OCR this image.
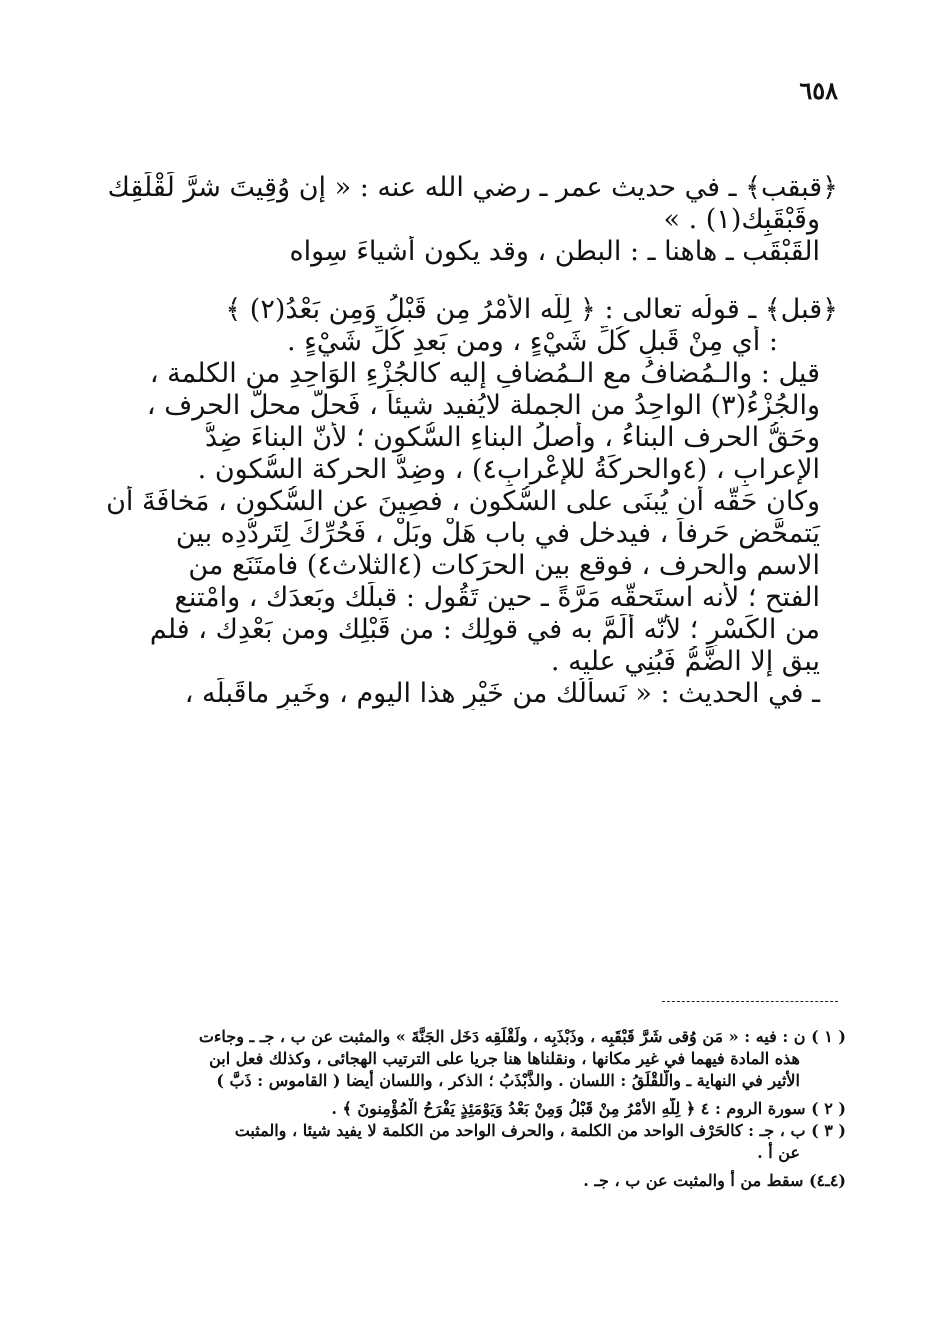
٦٥٨
﴿قبقب﴾ ـ في حديث عمر ـ رضي الله عنه : « إن وُقِيتَ شرَّ لَقْلَقِك
وقَبْقَبِك(١) . »
القَبْقَب ـ هاهنا ـ : البطن ، وقد يكون أشياءَ سِواه
﴿قبل﴾ ـ قولُه تعالى : ﴿ لِلَّه الأمْرُ مِن قَبْلُ وَمِن بَعْدُ(٢) ﴾
: أي مِنْ قَبلِ كُلِّ شَيْءٍ ، ومن بَعدِ كُلِّ شَيْءٍ .
قيل : والـمُضافُ مع الـمُضافِ إليه كالجُزْءِ الوَاحِدِ من الكلمة ،
والجُزْءُ(٣) الواحِدُ من الجملة لايُفيد شيئاً ، فَحلَّ محلَّ الحرف ،
وحَقُّ الحرف البناءُ ، وأصلُ البناءِ السُّكون ؛ لأنّ البناءَ ضِدُّ
الإعرابِ ، (٤والحركَةُ للإعْرابِ٤) ، وضِدُّ الحركة السُّكون .
وكان حَقُّه أن يُبنَى على السُّكون ، فصِينَ عن السُّكون ، مَخافَةَ أن
يَتمحَّض حَرفاً ، فيدخل في باب هَلْ وبَلْ ، فَحُرِّكَ لِتَردُّدِه بين
الاسم والحرف ، فوقع بين الحرَكات (٤الثلاث٤) فامتَنَع من
الفتح ؛ لأنه استَحقَّه مَرَّةً ـ حين تَقُول : قبلَك وبَعدَك ، وامْتنع
من الكَسْرِ ؛ لأنّه أَلَمَّ به في قولِك : من قَبْلِك ومن بَعْدِك ، فلم
يبق إلا الضَّمُّ فَبُنِي عليه .
ـ في الحديث : « نَسأَلُك من خَيْرِ هذا اليوم ، وخَيرِ ماقَبلَه ،
( ١ ) ن : فيه : « مَن وُقى شَرَّ قَبْقَبِه ، وذَبْذَبِه ، ولَقْلَقِه دَخَل الجَنَّةَ » والمثبت عن ب ، جـ ـ وجاءت
هذه المادة فيهما في غير مكانها ، ونقلناها هنا جريا على الترتيب الهجائى ، وكذلك فعل ابن
الأثير في النهاية ـ والَّلقْلَقُ : اللسان . والذَّبْذَبُ ؛ الذكر ، واللسان أيضا ( القاموس : ذَبَّ )
( ٢ ) سورة الروم : ٤ ﴿ لِلَّهِ الأمْرُ مِنْ قَبْلُ وَمِنْ بَعْدُ وَيَوْمَئِذٍ يَفْرَحُ الْمُؤْمِنونَ ﴾ .
( ٣ ) ب ، جـ : كالحَرْف الواحد من الكلمة ، والحرف الواحد من الكلمة لا يفيد شيئا ، والمثبت
عن أ .
(٤ـ٤) سقط من أ والمثبت عن ب ، جـ .
